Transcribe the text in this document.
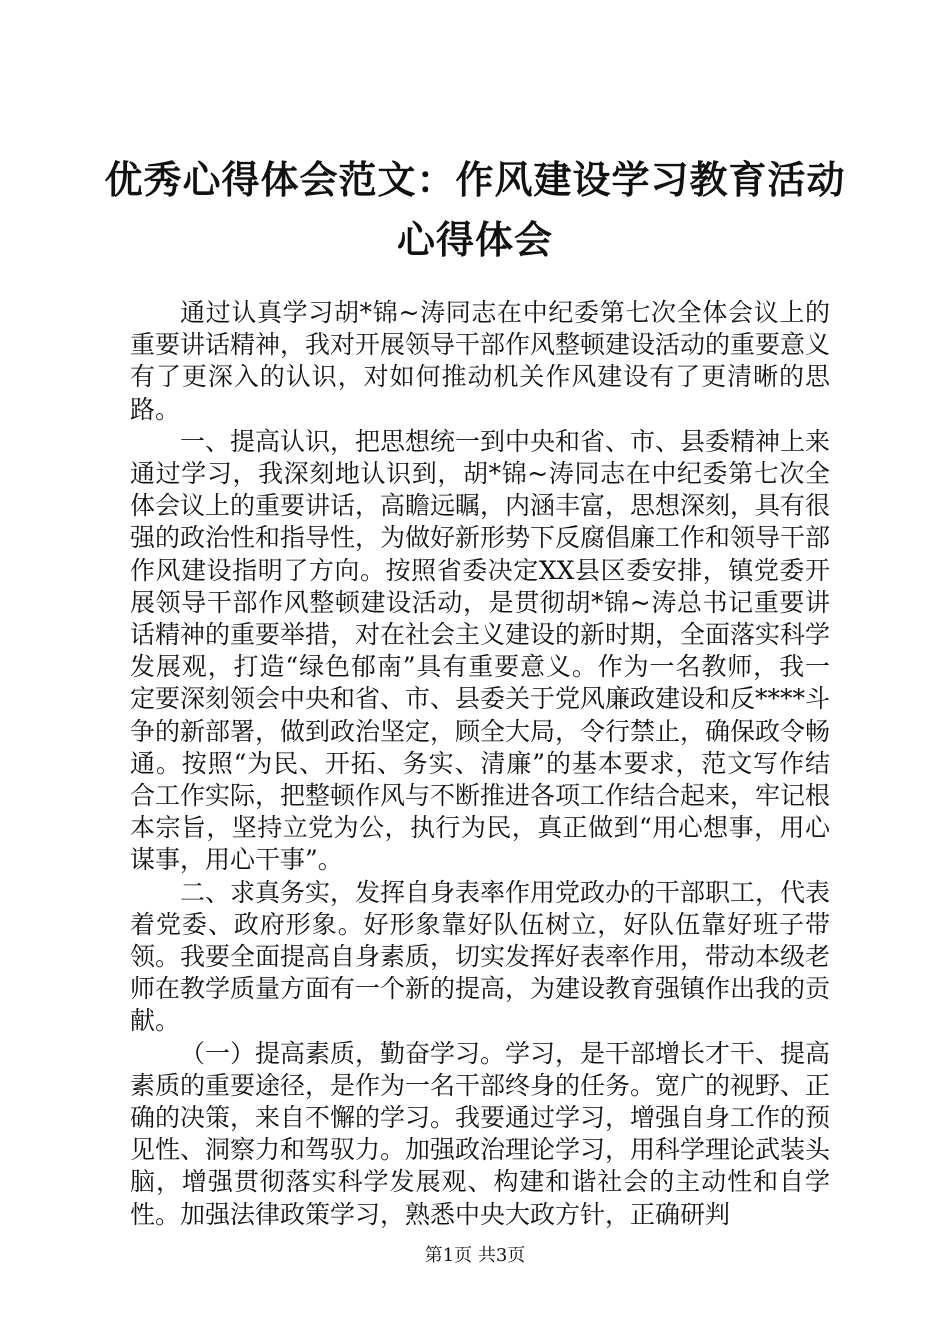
优秀心得体会范文：作风建设学习教育活动心得体会

通过认真学习胡*锦~涛同志在中纪委第七次全体会议上的重要讲话精神，我对开展领导干部作风整顿建设活动的重要意义有了更深入的认识，对如何推动机关作风建设有了更清晰的思路。

一、提高认识，把思想统一到中央和省、市、县委精神上来通过学习，我深刻地认识到，胡*锦~涛同志在中纪委第七次全体会议上的重要讲话，高瞻远瞩，内涵丰富，思想深刻，具有很强的政治性和指导性，为做好新形势下反腐倡廉工作和领导干部作风建设指明了方向。按照省委决定XX县区委安排，镇党委开展领导干部作风整顿建设活动，是贯彻胡*锦~涛总书记重要讲话精神的重要举措，对在社会主义建设的新时期，全面落实科学发展观，打造“绿色郁南”具有重要意义。作为一名教师，我一定要深刻领会中央和省、市、县委关于党风廉政建设和反****斗争的新部署，做到政治坚定，顾全大局，令行禁止，确保政令畅通。按照“为民、开拓、务实、清廉”的基本要求，范文写作结合工作实际，把整顿作风与不断推进各项工作结合起来，牢记根本宗旨，坚持立党为公，执行为民，真正做到“用心想事，用心谋事，用心干事”。

二、求真务实，发挥自身表率作用党政办的干部职工，代表着党委、政府形象。好形象靠好队伍树立，好队伍靠好班子带领。我要全面提高自身素质，切实发挥好表率作用，带动本级老师在教学质量方面有一个新的提高，为建设教育强镇作出我的贡献。

（一）提高素质，勤奋学习。学习，是干部增长才干、提高素质的重要途径，是作为一名干部终身的任务。宽广的视野、正确的决策，来自不懈的学习。我要通过学习，增强自身工作的预见性、洞察力和驾驭力。加强政治理论学习，用科学理论武装头脑，增强贯彻落实科学发展观、构建和谐社会的主动性和自学性。加强法律政策学习，熟悉中央大政方针，正确研判

第1页 共3页
